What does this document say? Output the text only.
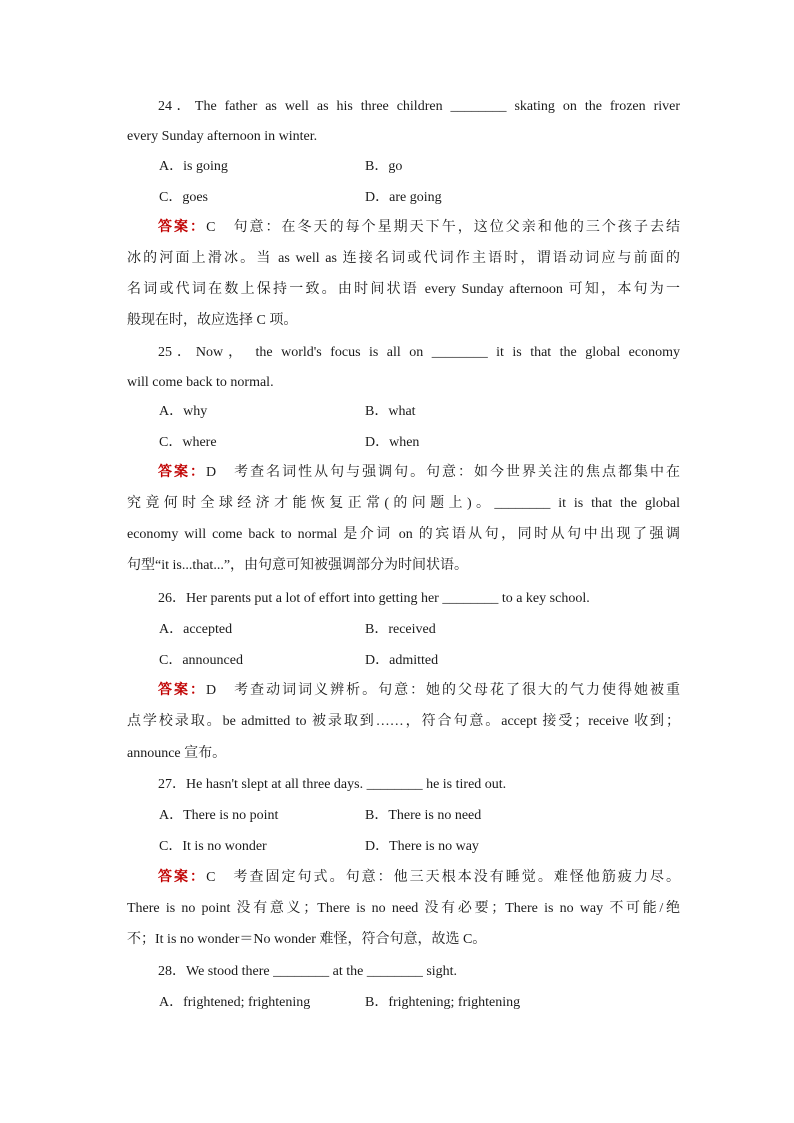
24．The father as well as his three children ________ skating on the frozen river
every Sunday afternoon in winter.
A．is going	B．go
C．goes	D．are going
答案：C　句意：在冬天的每个星期天下午，这位父亲和他的三个孩子去结
冰的河面上滑冰。当 as well as 连接名词或代词作主语时，谓语动词应与前面的
名词或代词在数上保持一致。由时间状语 every Sunday afternoon 可知，本句为一
般现在时，故应选择 C 项。
25．Now， the world's focus is all on ________ it is that the global economy
will come back to normal.
A．why	B．what
C．where	D．when
答案：D　考查名词性从句与强调句。句意：如今世界关注的焦点都集中在
究竟何时全球经济才能恢复正常(的问题上)。________ it is that the global
economy will come back to normal 是介词 on 的宾语从句，同时从句中出现了强调
句型“it is...that...”，由句意可知被强调部分为时间状语。
26．Her parents put a lot of effort into getting her ________ to a key school.
A．accepted	B．received
C．announced	D．admitted
答案：D　考查动词词义辨析。句意：她的父母花了很大的气力使得她被重
点学校录取。be admitted to 被录取到……，符合句意。accept 接受；receive 收到；
announce 宣布。
27．He hasn't slept at all three days. ________ he is tired out.
A．There is no point	B．There is no need
C．It is no wonder	D．There is no way
答案：C　考查固定句式。句意：他三天根本没有睡觉。难怪他筋疲力尽。
There is no point 没有意义；There is no need 没有必要；There is no way 不可能/绝
不；It is no wonder＝No wonder 难怪，符合句意，故选 C。
28．We stood there ________ at the ________ sight.
A．frightened; frightening	B．frightening; frightening
